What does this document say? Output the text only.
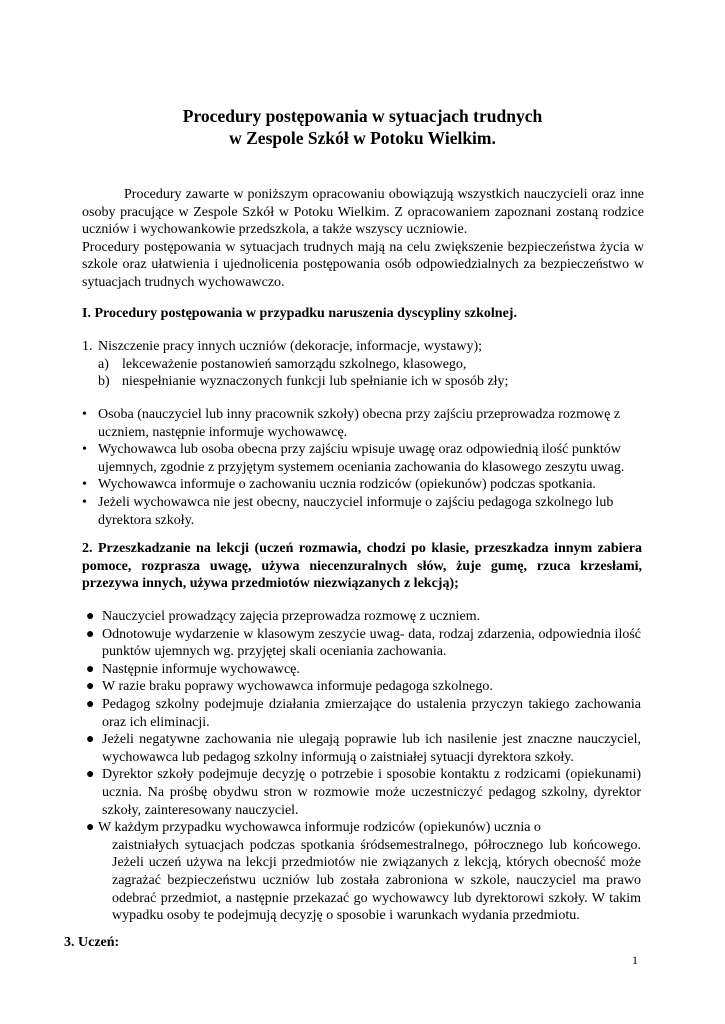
Procedury postępowania w sytuacjach trudnych
w Zespole Szkół w Potoku Wielkim.
Procedury zawarte w poniższym opracowaniu obowiązują wszystkich nauczycieli oraz inne osoby pracujące w Zespole Szkół w Potoku Wielkim. Z opracowaniem zapoznani zostaną rodzice uczniów i wychowankowie przedszkola, a także wszyscy uczniowie.
Procedury postępowania w sytuacjach trudnych mają na celu zwiększenie bezpieczeństwa życia w szkole oraz ułatwienia i ujednolicenia postępowania osób odpowiedzialnych za bezpieczeństwo w sytuacjach trudnych wychowawczo.
I. Procedury postępowania w przypadku naruszenia dyscypliny szkolnej.
1. Niszczenie pracy innych uczniów (dekoracje, informacje, wystawy);
a) lekceważenie postanowień samorządu szkolnego, klasowego,
b) niespełnianie wyznaczonych funkcji lub spełnianie ich w sposób zły;
• Osoba (nauczyciel lub inny pracownik szkoły) obecna przy zajściu przeprowadza rozmowę z uczniem, następnie informuje wychowawcę.
• Wychowawca lub osoba obecna przy zajściu wpisuje uwagę oraz odpowiednią ilość punktów ujemnych, zgodnie z przyjętym systemem oceniania zachowania do klasowego zeszytu uwag.
• Wychowawca informuje o zachowaniu ucznia rodziców (opiekunów) podczas spotkania.
• Jeżeli wychowawca nie jest obecny, nauczyciel informuje o zajściu pedagoga szkolnego lub dyrektora szkoły.
2. Przeszkadzanie na lekcji (uczeń rozmawia, chodzi po klasie, przeszkadza innym zabiera pomoce, rozprasza uwagę, używa niecenzuralnych słów, żuje gumę, rzuca krzesłami, przezywa innych, używa przedmiotów niezwiązanych z lekcją);
● Nauczyciel prowadzący zajęcia przeprowadza rozmowę z uczniem.
● Odnotowuje wydarzenie w klasowym zeszycie uwag- data, rodzaj zdarzenia, odpowiednia ilość punktów ujemnych wg. przyjętej skali oceniania zachowania.
● Następnie informuje wychowawcę.
● W razie braku poprawy wychowawca informuje pedagoga szkolnego.
● Pedagog szkolny podejmuje działania zmierzające do ustalenia przyczyn takiego zachowania oraz ich eliminacji.
● Jeżeli negatywne zachowania nie ulegają poprawie lub ich nasilenie jest znaczne nauczyciel, wychowawca lub pedagog szkolny informują o zaistniałej sytuacji dyrektora szkoły.
● Dyrektor szkoły podejmuje decyzję o potrzebie i sposobie kontaktu z rodzicami (opiekunami) ucznia. Na prośbę obydwu stron w rozmowie może uczestniczyć pedagog szkolny, dyrektor szkoły, zainteresowany nauczyciel.
● W każdym przypadku wychowawca informuje rodziców (opiekunów) ucznia o
zaistniałych sytuacjach podczas spotkania śródsemestralnego, półrocznego lub końcowego. Jeżeli uczeń używa na lekcji przedmiotów nie związanych z lekcją, których obecność może zagrażać bezpieczeństwu uczniów lub została zabroniona w szkole, nauczyciel ma prawo odebrać przedmiot, a następnie przekazać go wychowawcy lub dyrektorowi szkoły. W takim wypadku osoby te podejmują decyzję o sposobie i warunkach wydania przedmiotu.
3. Uczeń:
1
